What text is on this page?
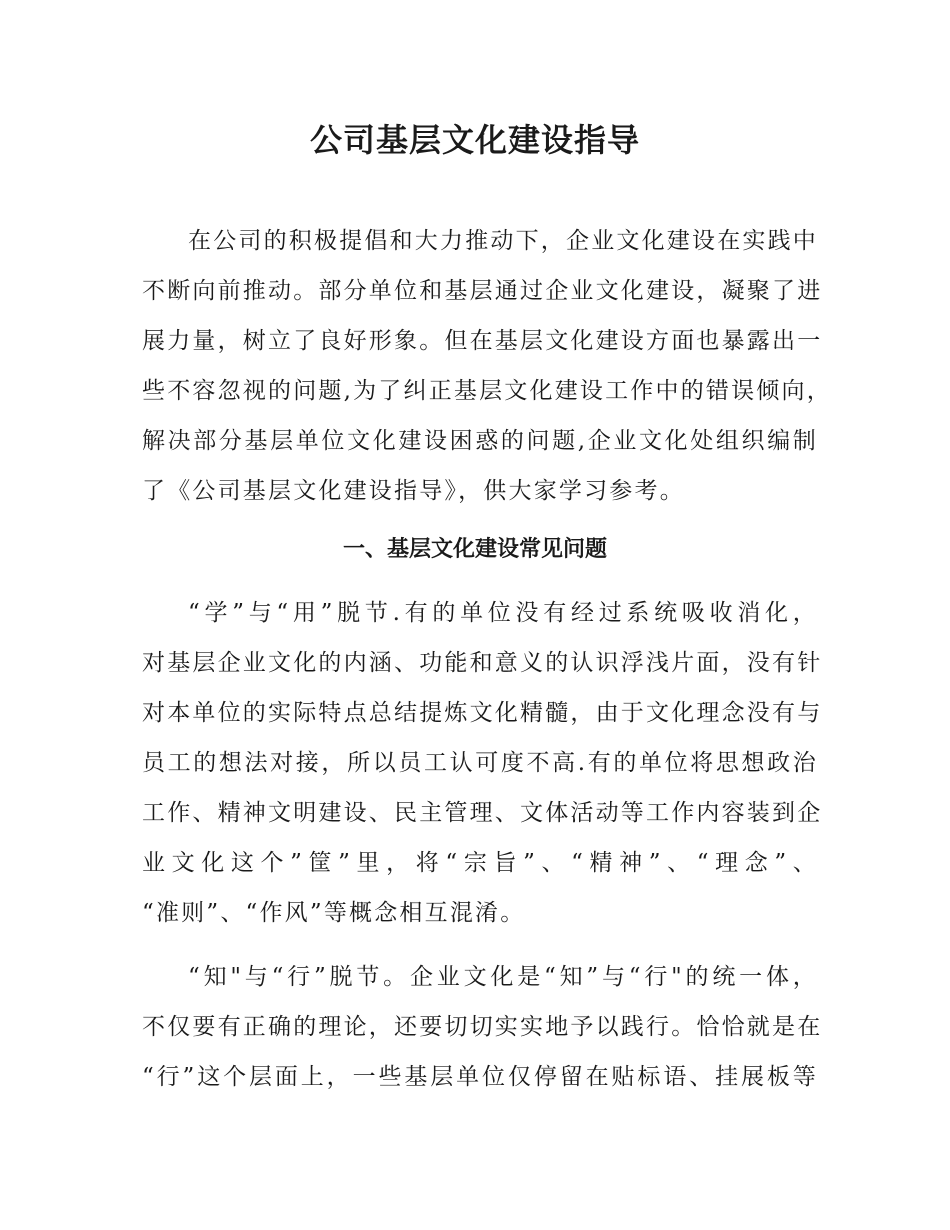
公司基层文化建设指导
在公司的积极提倡和大力推动下，企业文化建设在实践中
不断向前推动。部分单位和基层通过企业文化建设，凝聚了进
展力量，树立了良好形象。但在基层文化建设方面也暴露出一
些不容忽视的问题,为了纠正基层文化建设工作中的错误倾向，
解决部分基层单位文化建设困惑的问题,企业文化处组织编制
了《公司基层文化建设指导》，供大家学习参考。
一、基层文化建设常见问题
“学”与“用”脱节.有的单位没有经过系统吸收消化，
对基层企业文化的内涵、功能和意义的认识浮浅片面，没有针
对本单位的实际特点总结提炼文化精髓，由于文化理念没有与
员工的想法对接，所以员工认可度不高.有的单位将思想政治
工作、精神文明建设、民主管理、文体活动等工作内容装到企
业文化这个”筐”里，将“宗旨”、“精神”、“理念”、
“准则”、“作风”等概念相互混淆。
“知"与“行”脱节。企业文化是“知”与“行"的统一体，
不仅要有正确的理论，还要切切实实地予以践行。恰恰就是在
“行”这个层面上，一些基层单位仅停留在贴标语、挂展板等
